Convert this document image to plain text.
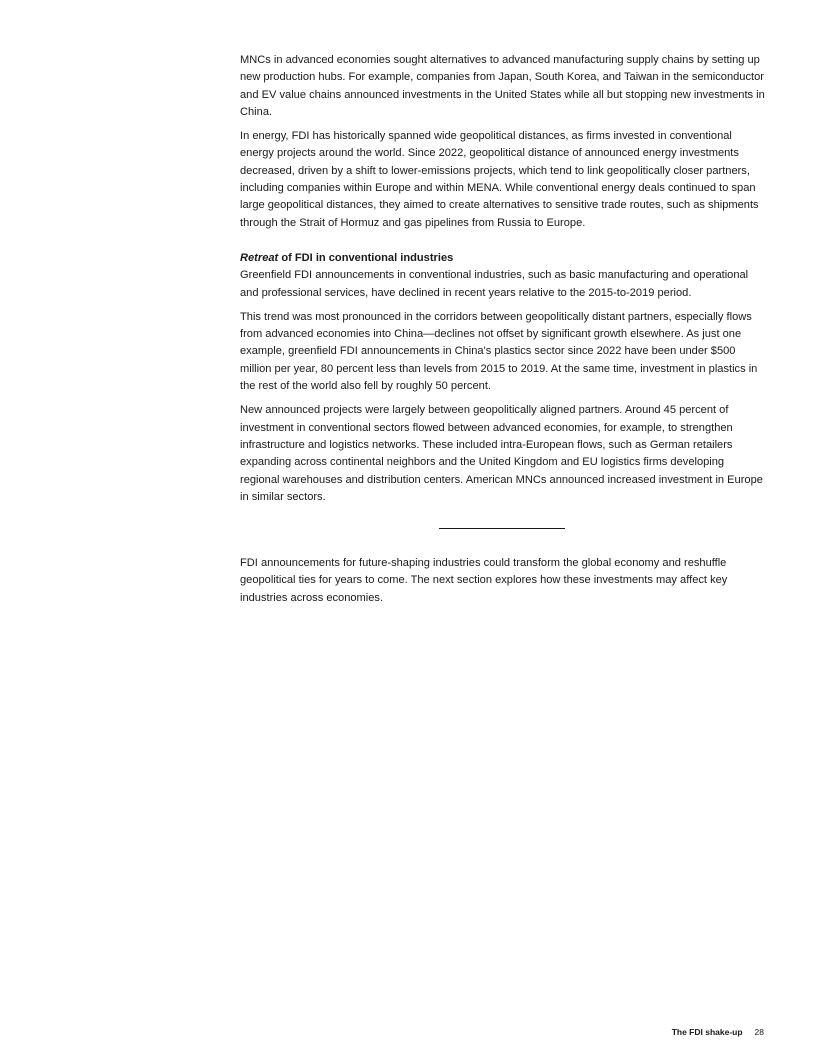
MNCs in advanced economies sought alternatives to advanced manufacturing supply chains by setting up new production hubs. For example, companies from Japan, South Korea, and Taiwan in the semiconductor and EV value chains announced investments in the United States while all but stopping new investments in China.

In energy, FDI has historically spanned wide geopolitical distances, as firms invested in conventional energy projects around the world. Since 2022, geopolitical distance of announced energy investments decreased, driven by a shift to lower-emissions projects, which tend to link geopolitically closer partners, including companies within Europe and within MENA. While conventional energy deals continued to span large geopolitical distances, they aimed to create alternatives to sensitive trade routes, such as shipments through the Strait of Hormuz and gas pipelines from Russia to Europe.

Retreat of FDI in conventional industries

Greenfield FDI announcements in conventional industries, such as basic manufacturing and operational and professional services, have declined in recent years relative to the 2015-to-2019 period.

This trend was most pronounced in the corridors between geopolitically distant partners, especially flows from advanced economies into China—declines not offset by significant growth elsewhere. As just one example, greenfield FDI announcements in China's plastics sector since 2022 have been under $500 million per year, 80 percent less than levels from 2015 to 2019. At the same time, investment in plastics in the rest of the world also fell by roughly 50 percent.

New announced projects were largely between geopolitically aligned partners. Around 45 percent of investment in conventional sectors flowed between advanced economies, for example, to strengthen infrastructure and logistics networks. These included intra-European flows, such as German retailers expanding across continental neighbors and the United Kingdom and EU logistics firms developing regional warehouses and distribution centers. American MNCs announced increased investment in Europe in similar sectors.

FDI announcements for future-shaping industries could transform the global economy and reshuffle geopolitical ties for years to come. The next section explores how these investments may affect key industries across economies.

The FDI shake-up 28
